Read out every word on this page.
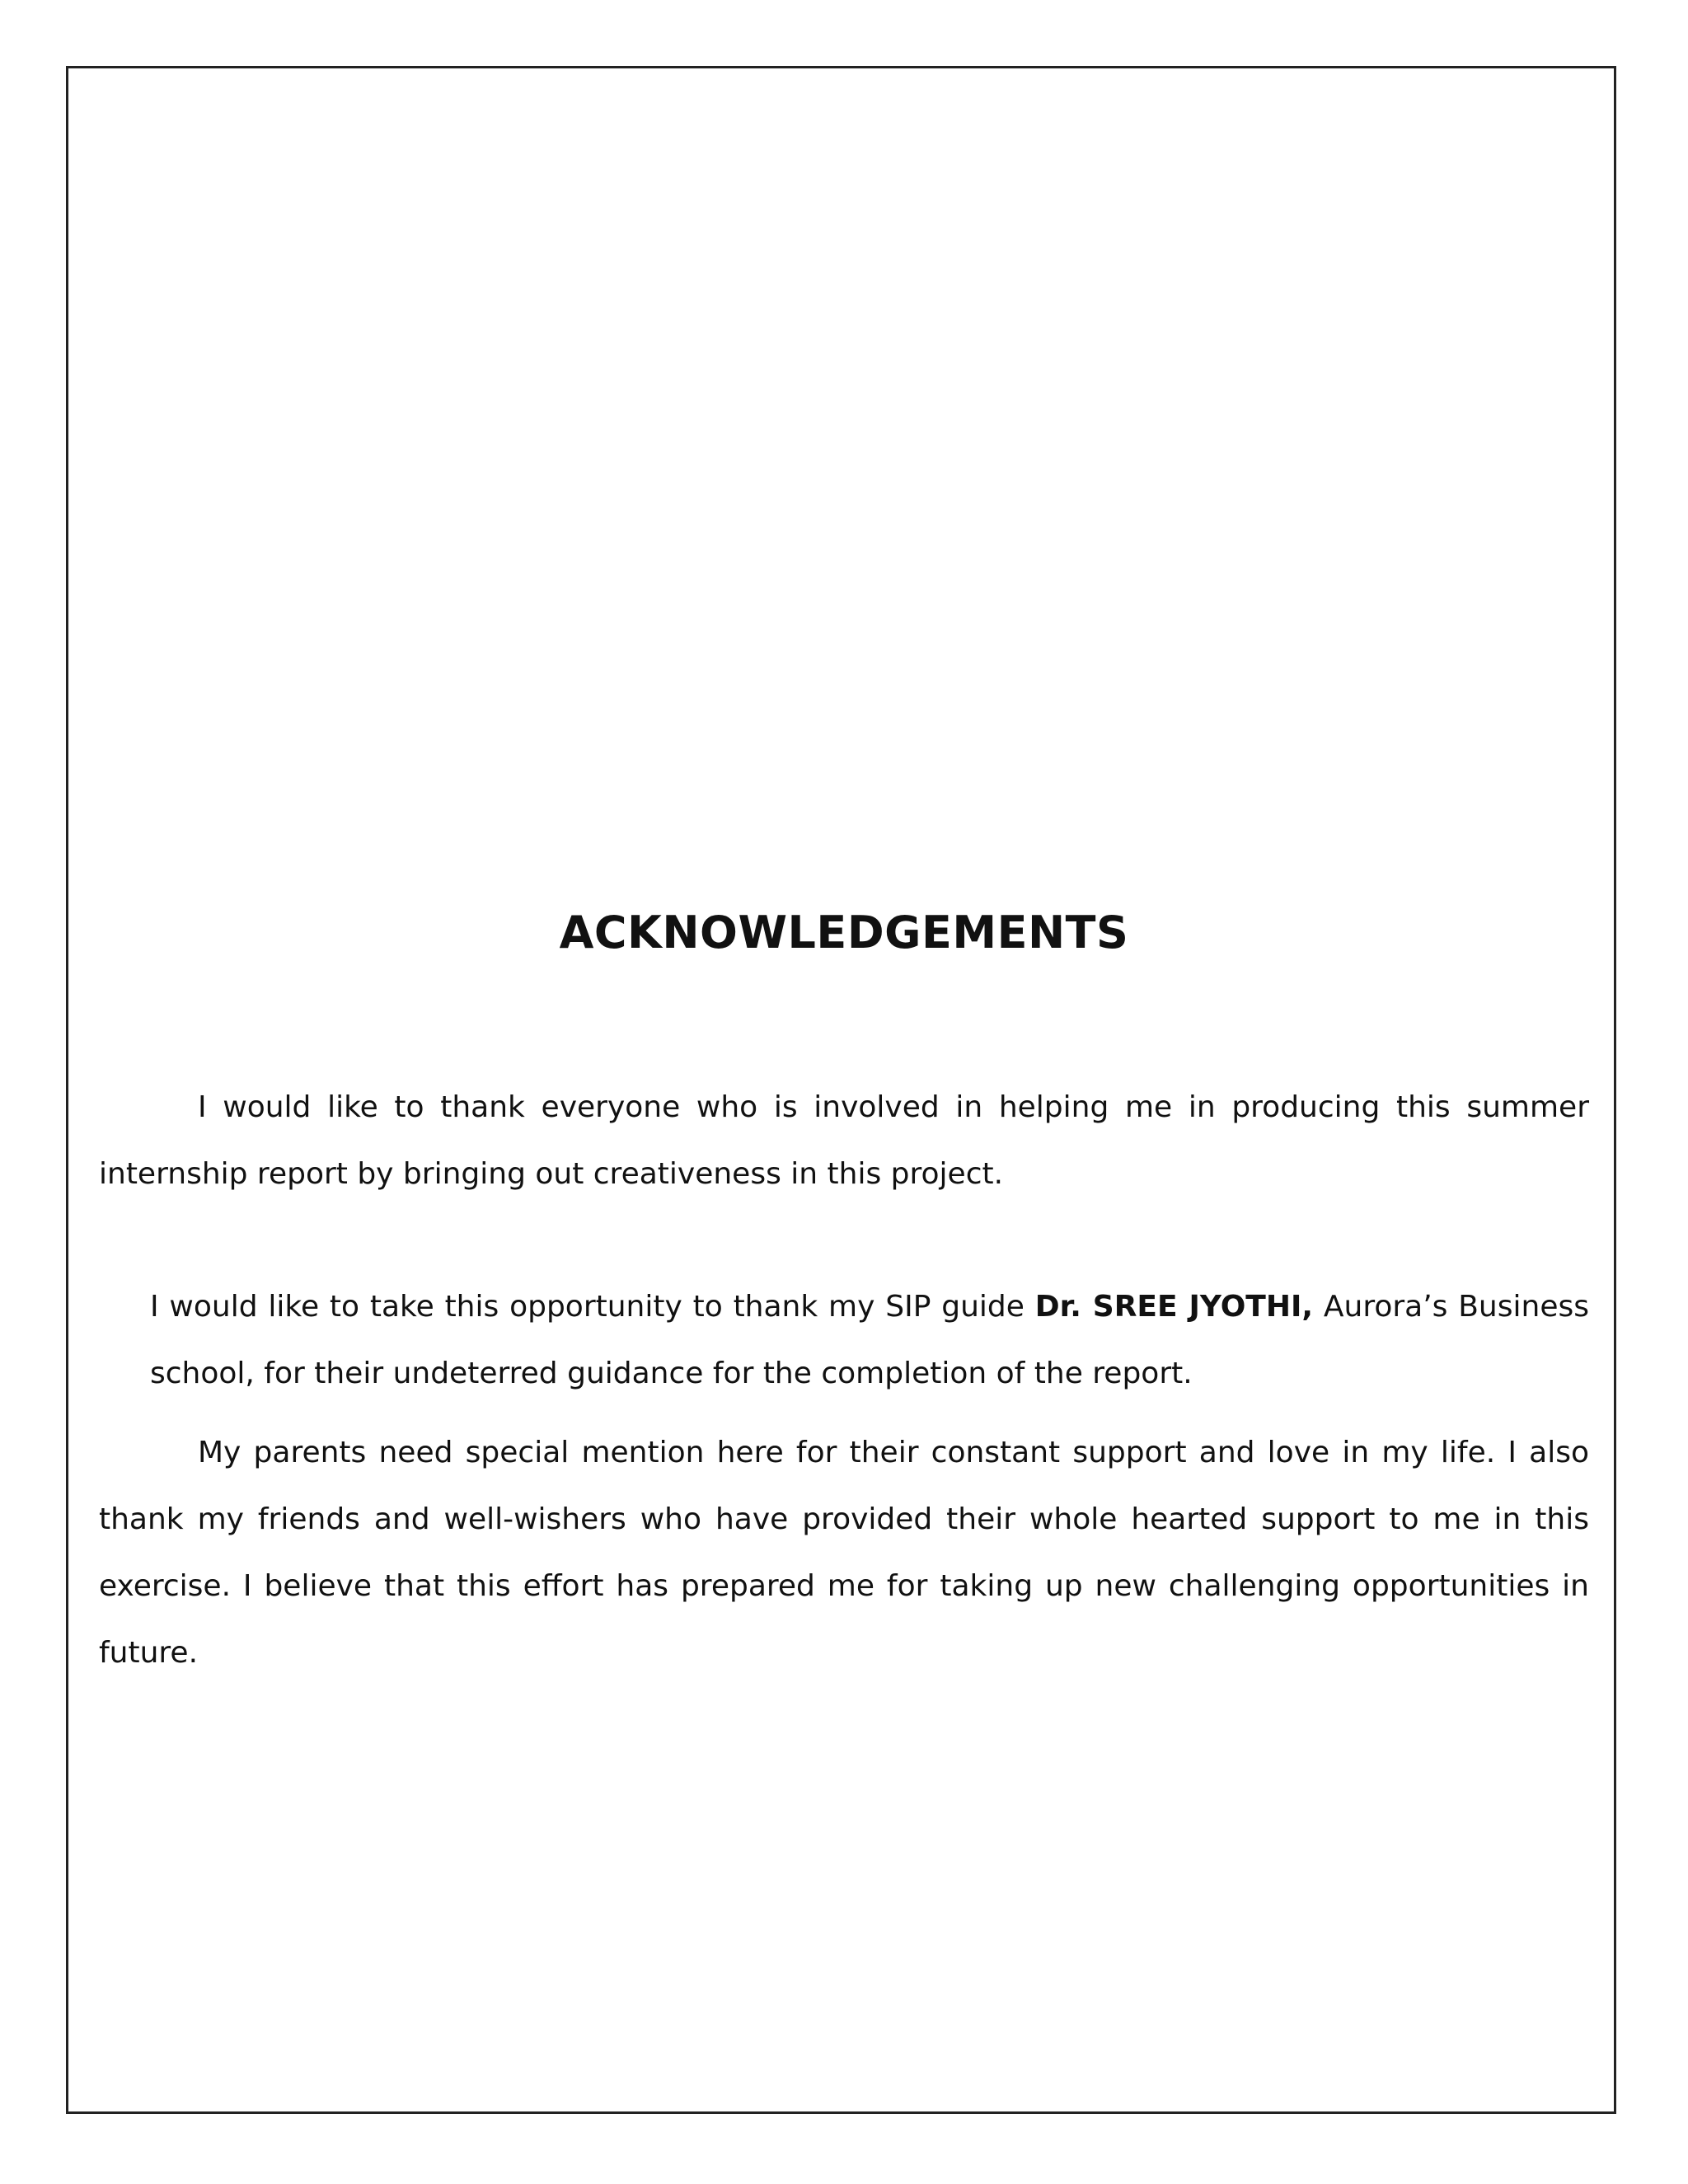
ACKNOWLEDGEMENTS

I would like to thank everyone who is involved in helping me in producing this summer internship report by bringing out creativeness in this project.

I would like to take this opportunity to thank my SIP guide Dr. SREE JYOTHI, Aurora’s Business school, for their undeterred guidance for the completion of the report.

My parents need special mention here for their constant support and love in my life. I also thank my friends and well-wishers who have provided their whole hearted support to me in this exercise. I believe that this effort has prepared me for taking up new challenging opportunities in future.
